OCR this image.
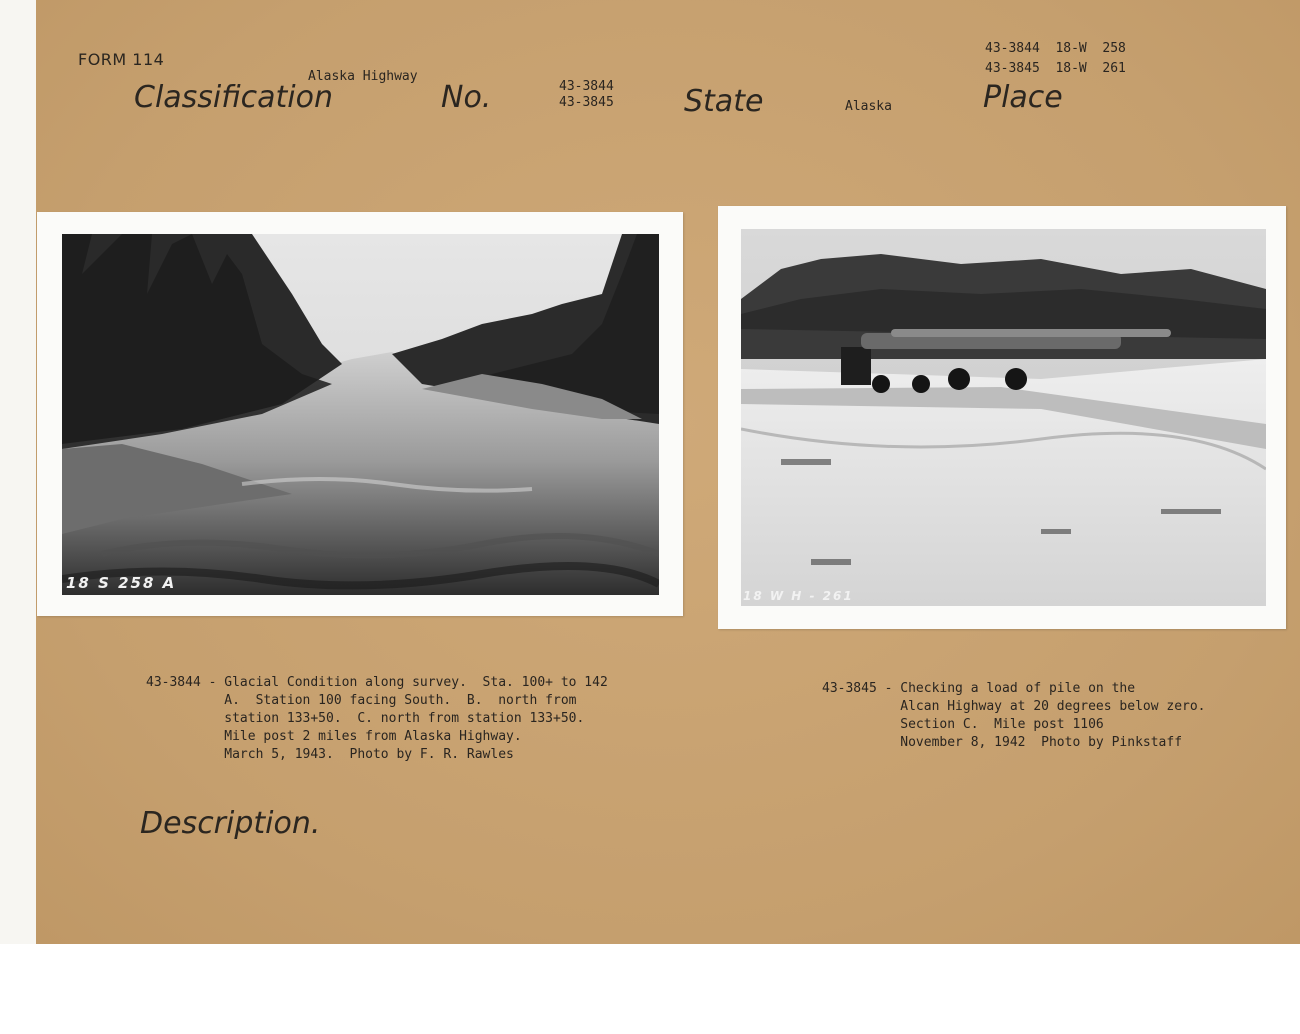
FORM 114
Classification
Alaska Highway
No.	43-3844
43-3845 State	Alaska	Place
43-3844  18-W  258
43-3845  18-W  261
18 S 258 A
18 W H - 261
43-3844 - Glacial Condition along survey.  Sta. 100+ to 142
A.  Station 100 facing South.  B.  north from
station 133+50.  C. north from station 133+50.
Mile post 2 miles from Alaska Highway.
March 5, 1943.  Photo by F. R. Rawles
43-3845 - Checking a load of pile on the
Alcan Highway at 20 degrees below zero.
Section C.  Mile post 1106
November 8, 1942  Photo by Pinkstaff
Description.
